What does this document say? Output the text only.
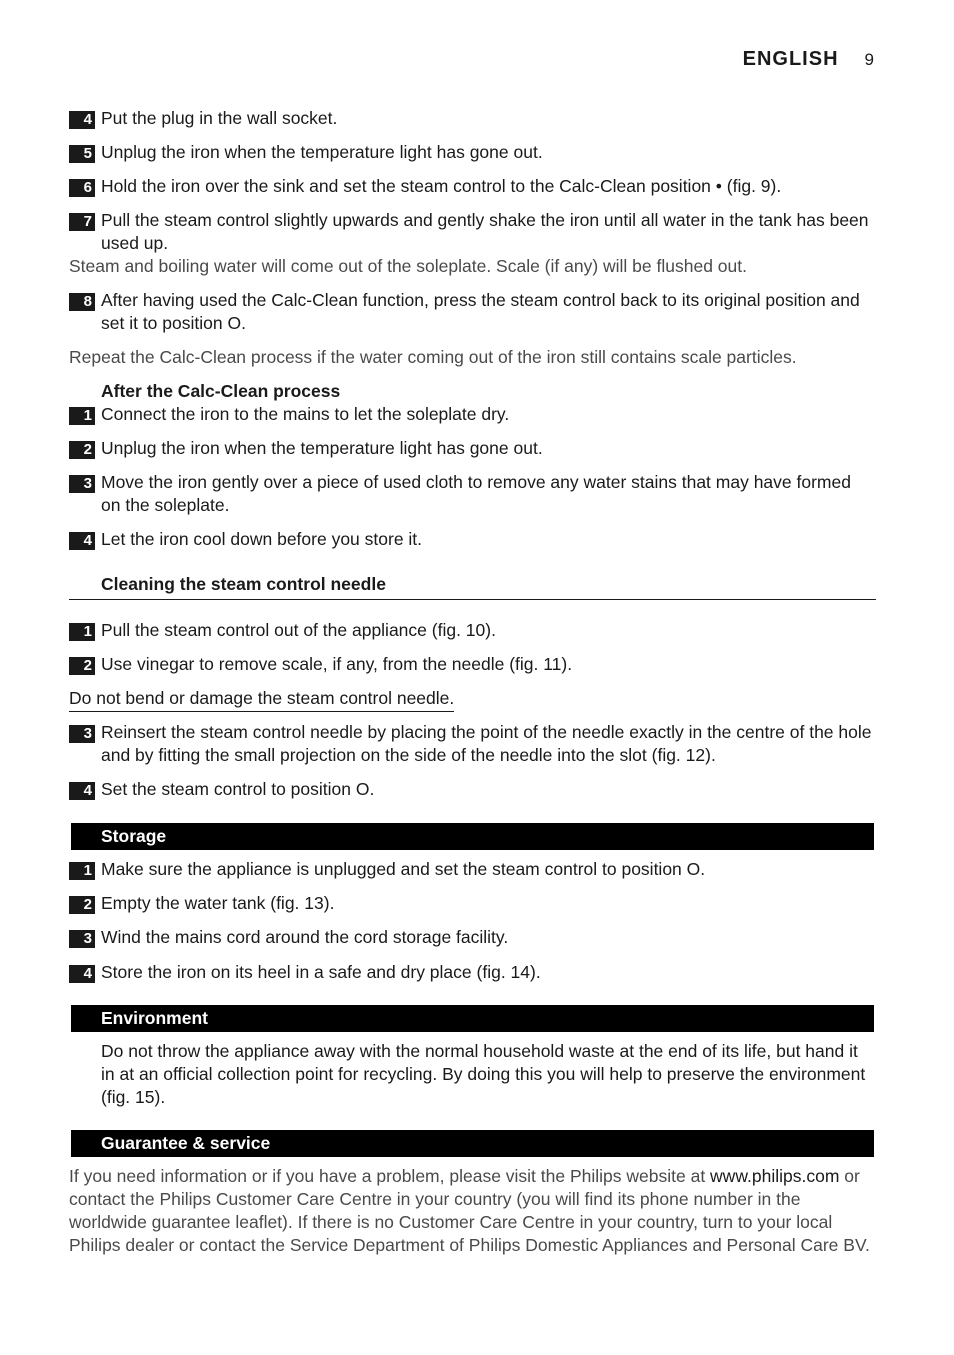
ENGLISH 9
4 Put the plug in the wall socket.
5 Unplug the iron when the temperature light has gone out.
6 Hold the iron over the sink and set the steam control to the Calc-Clean position • (fig. 9).
7 Pull the steam control slightly upwards and gently shake the iron until all water in the tank has been used up.
Steam and boiling water will come out of the soleplate. Scale (if any) will be flushed out.
8 After having used the Calc-Clean function, press the steam control back to its original position and set it to position O.
Repeat the Calc-Clean process if the water coming out of the iron still contains scale particles.
After the Calc-Clean process
1 Connect the iron to the mains to let the soleplate dry.
2 Unplug the iron when the temperature light has gone out.
3 Move the iron gently over a piece of used cloth to remove any water stains that may have formed on the soleplate.
4 Let the iron cool down before you store it.
Cleaning the steam control needle
1 Pull the steam control out of the appliance (fig. 10).
2 Use vinegar to remove scale, if any, from the needle (fig. 11).
Do not bend or damage the steam control needle.
3 Reinsert the steam control needle by placing the point of the needle exactly in the centre of the hole and by fitting the small projection on the side of the needle into the slot (fig. 12).
4 Set the steam control to position O.
Storage
1 Make sure the appliance is unplugged and set the steam control to position O.
2 Empty the water tank (fig. 13).
3 Wind the mains cord around the cord storage facility.
4 Store the iron on its heel in a safe and dry place (fig. 14).
Environment
Do not throw the appliance away with the normal household waste at the end of its life, but hand it in at an official collection point for recycling. By doing this you will help to preserve the environment (fig. 15).
Guarantee & service
If you need information or if you have a problem, please visit the Philips website at www.philips.com or contact the Philips Customer Care Centre in your country (you will find its phone number in the worldwide guarantee leaflet). If there is no Customer Care Centre in your country, turn to your local Philips dealer or contact the Service Department of Philips Domestic Appliances and Personal Care BV.
